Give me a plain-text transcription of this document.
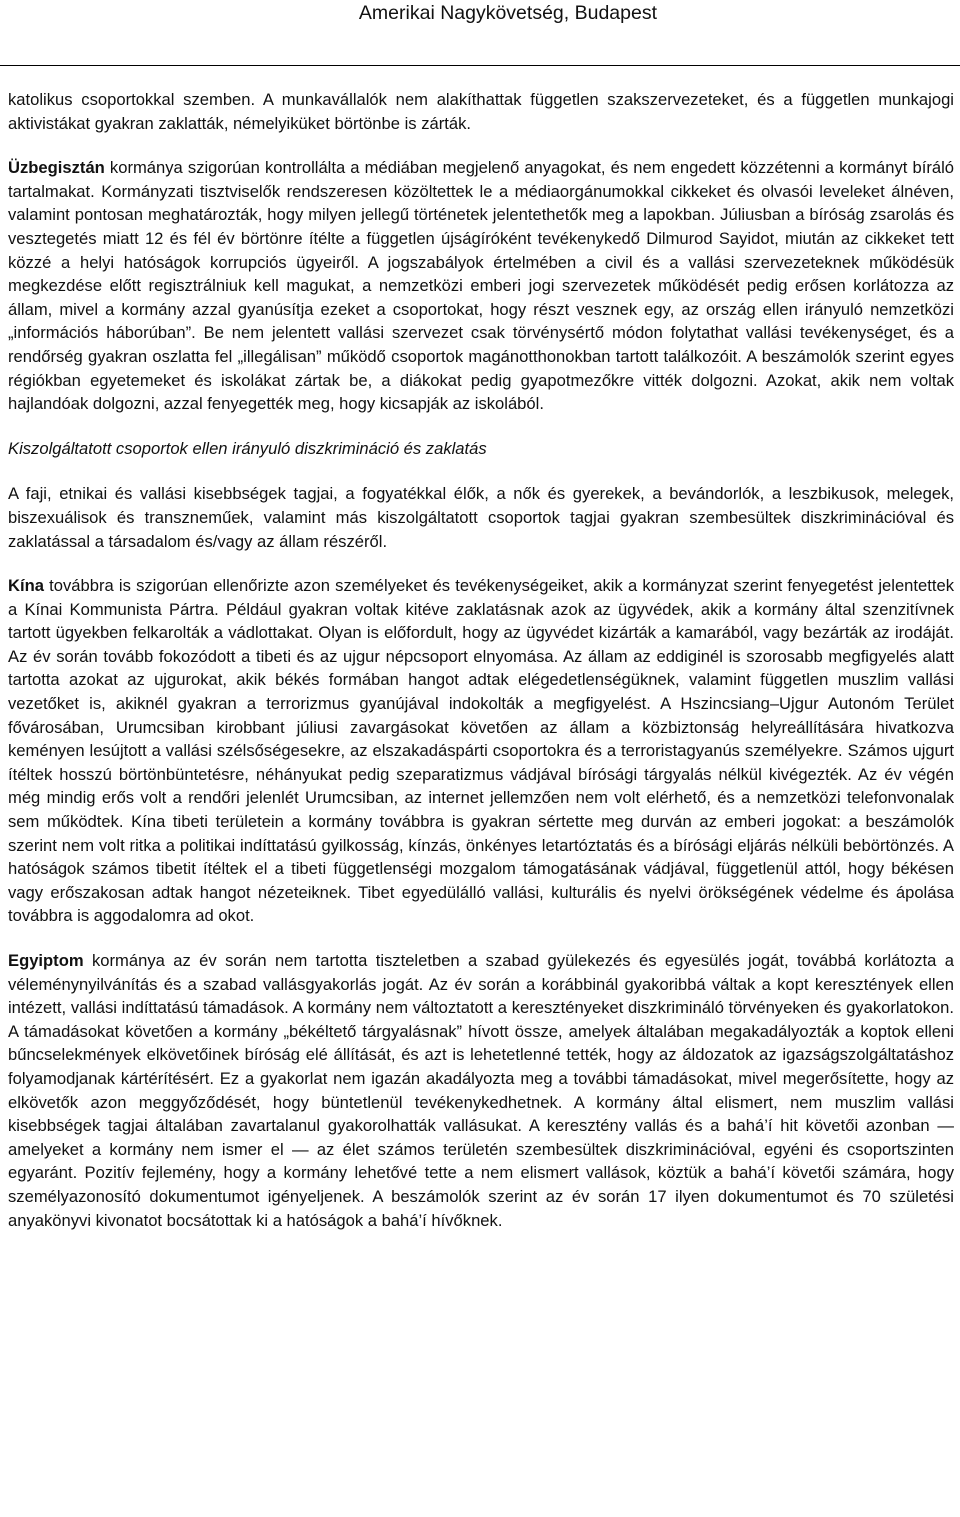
Amerikai Nagykövetség, Budapest

katolikus csoportokkal szemben. A munkavállalók nem alakíthattak független szakszervezeteket, és a független munkajogi aktivistákat gyakran zaklatták, némelyiküket börtönbe is zárták.

Üzbegisztán kormánya szigorúan kontrollálta a médiában megjelenő anyagokat, és nem engedett közzétenni a kormányt bíráló tartalmakat. Kormányzati tisztviselők rendszeresen közöltettek le a médiaorgánumokkal cikkeket és olvasói leveleket álnéven, valamint pontosan meghatározták, hogy milyen jellegű történetek jelentethetők meg a lapokban. Júliusban a bíróság zsarolás és vesztegetés miatt 12 és fél év börtönre ítélte a független újságíróként tevékenykedő Dilmurod Sayidot, miután az cikkeket tett közzé a helyi hatóságok korrupciós ügyeiről. A jogszabályok értelmében a civil és a vallási szervezeteknek működésük megkezdése előtt regisztrálniuk kell magukat, a nemzetközi emberi jogi szervezetek működését pedig erősen korlátozza az állam, mivel a kormány azzal gyanúsítja ezeket a csoportokat, hogy részt vesznek egy, az ország ellen irányuló nemzetközi „információs háborúban”. Be nem jelentett vallási szervezet csak törvénysértő módon folytathat vallási tevékenységet, és a rendőrség gyakran oszlatta fel „illegálisan” működő csoportok magánotthonokban tartott találkozóit. A beszámolók szerint egyes régiókban egyetemeket és iskolákat zártak be, a diákokat pedig gyapotmezőkre vitték dolgozni. Azokat, akik nem voltak hajlandóak dolgozni, azzal fenyegették meg, hogy kicsapják az iskolából.

Kiszolgáltatott csoportok ellen irányuló diszkrimináció és zaklatás

A faji, etnikai és vallási kisebbségek tagjai, a fogyatékkal élők, a nők és gyerekek, a bevándorlók, a leszbikusok, melegek, biszexuálisok és transzneműek, valamint más kiszolgáltatott csoportok tagjai gyakran szembesültek diszkriminációval és zaklatással a társadalom és/vagy az állam részéről.

Kína továbbra is szigorúan ellenőrizte azon személyeket és tevékenységeiket, akik a kormányzat szerint fenyegetést jelentettek a Kínai Kommunista Pártra. Például gyakran voltak kitéve zaklatásnak azok az ügyvédek, akik a kormány által szenzitívnek tartott ügyekben felkarolták a vádlottakat. Olyan is előfordult, hogy az ügyvédet kizárták a kamarából, vagy bezárták az irodáját. Az év során tovább fokozódott a tibeti és az ujgur népcsoport elnyomása. Az állam az eddiginél is szorosabb megfigyelés alatt tartotta azokat az ujgurokat, akik békés formában hangot adtak elégedetlenségüknek, valamint független muszlim vallási vezetőket is, akiknél gyakran a terrorizmus gyanújával indokolták a megfigyelést. A Hszincsiang–Ujgur Autonóm Terület fővárosában, Urumcsiban kirobbant júliusi zavargásokat követően az állam a közbiztonság helyreállítására hivatkozva keményen lesújtott a vallási szélsőségesekre, az elszakadáspárti csoportokra és a terroristagyanús személyekre. Számos ujgurt ítéltek hosszú börtönbüntetésre, néhányukat pedig szeparatizmus vádjával bírósági tárgyalás nélkül kivégezték. Az év végén még mindig erős volt a rendőri jelenlét Urumcsiban, az internet jellemzően nem volt elérhető, és a nemzetközi telefonvonalak sem működtek. Kína tibeti területein a kormány továbbra is gyakran sértette meg durván az emberi jogokat: a beszámolók szerint nem volt ritka a politikai indíttatású gyilkosság, kínzás, önkényes letartóztatás és a bírósági eljárás nélküli bebörtönzés. A hatóságok számos tibetit ítéltek el a tibeti függetlenségi mozgalom támogatásának vádjával, függetlenül attól, hogy békésen vagy erőszakosan adtak hangot nézeteiknek. Tibet egyedülálló vallási, kulturális és nyelvi örökségének védelme és ápolása továbbra is aggodalomra ad okot.

Egyiptom kormánya az év során nem tartotta tiszteletben a szabad gyülekezés és egyesülés jogát, továbbá korlátozta a véleménynyilvánítás és a szabad vallásgyakorlás jogát. Az év során a korábbinál gyakoribbá váltak a kopt keresztények ellen intézett, vallási indíttatású támadások. A kormány nem változtatott a keresztényeket diszkrimináló törvényeken és gyakorlatokon. A támadásokat követően a kormány „békéltető tárgyalásnak” hívott össze, amelyek általában megakadályozták a koptok elleni bűncselekmények elkövetőinek bíróság elé állítását, és azt is lehetetlenné tették, hogy az áldozatok az igazságszolgáltatáshoz folyamodjanak kártérítésért. Ez a gyakorlat nem igazán akadályozta meg a további támadásokat, mivel megerősítette, hogy az elkövetők azon meggyőződését, hogy büntetlenül tevékenykedhetnek. A kormány által elismert, nem muszlim vallási kisebbségek tagjai általában zavartalanul gyakorolhatták vallásukat. A keresztény vallás és a bahá’í hit követői azonban — amelyeket a kormány nem ismer el — az élet számos területén szembesültek diszkriminációval, egyéni és csoportszinten egyaránt. Pozitív fejlemény, hogy a kormány lehetővé tette a nem elismert vallások, köztük a bahá’í követői számára, hogy személyazonosító dokumentumot igényeljenek. A beszámolók szerint az év során 17 ilyen dokumentumot és 70 születési anyakönyvi kivonatot bocsátottak ki a hatóságok a bahá’í hívőknek.
